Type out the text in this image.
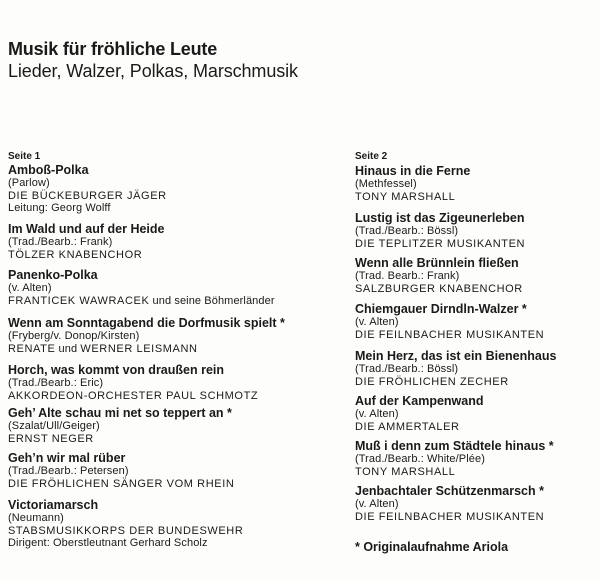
Musik für fröhliche Leute
Lieder, Walzer, Polkas, Marschmusik
Seite 1	Seite 2
Amboß-Polka
(Parlow)
DIE BÜCKEBURGER JÄGER
Leitung: Georg Wolff
Im Wald und auf der Heide
(Trad./Bearb.: Frank)
TÖLZER KNABENCHOR
Panenko-Polka
(v. Alten)
FRANTICEK WAWRACEK und seine Böhmerländer
Wenn am Sonntagabend die Dorfmusik spielt *
(Fryberg/v. Donop/Kirsten)
RENATE und WERNER LEISMANN
Horch, was kommt von draußen rein
(Trad./Bearb.: Eric)
AKKORDEON-ORCHESTER PAUL SCHMOTZ
Geh’ Alte schau mi net so teppert an *
(Szalat/Ull/Geiger)
ERNST NEGER
Geh’n wir mal rüber
(Trad./Bearb.: Petersen)
DIE FRÖHLICHEN SÄNGER VOM RHEIN
Victoriamarsch
(Neumann)
STABSMUSIKKORPS DER BUNDESWEHR
Dirigent: Oberstleutnant Gerhard Scholz
Hinaus in die Ferne
(Methfessel)
TONY MARSHALL
Lustig ist das Zigeunerleben
(Trad./Bearb.: Bössl)
DIE TEPLITZER MUSIKANTEN
Wenn alle Brünnlein fließen
(Trad. Bearb.: Frank)
SALZBURGER KNABENCHOR
Chiemgauer Dirndln-Walzer *
(v. Alten)
DIE FEILNBACHER MUSIKANTEN
Mein Herz, das ist ein Bienenhaus
(Trad./Bearb.: Bössl)
DIE FRÖHLICHEN ZECHER
Auf der Kampenwand
(v. Alten)
DIE AMMERTALER
Muß i denn zum Städtele hinaus *
(Trad./Bearb.: White/Plée)
TONY MARSHALL
Jenbachtaler Schützenmarsch *
(v. Alten)
DIE FEILNBACHER MUSIKANTEN
* Originalaufnahme Ariola
